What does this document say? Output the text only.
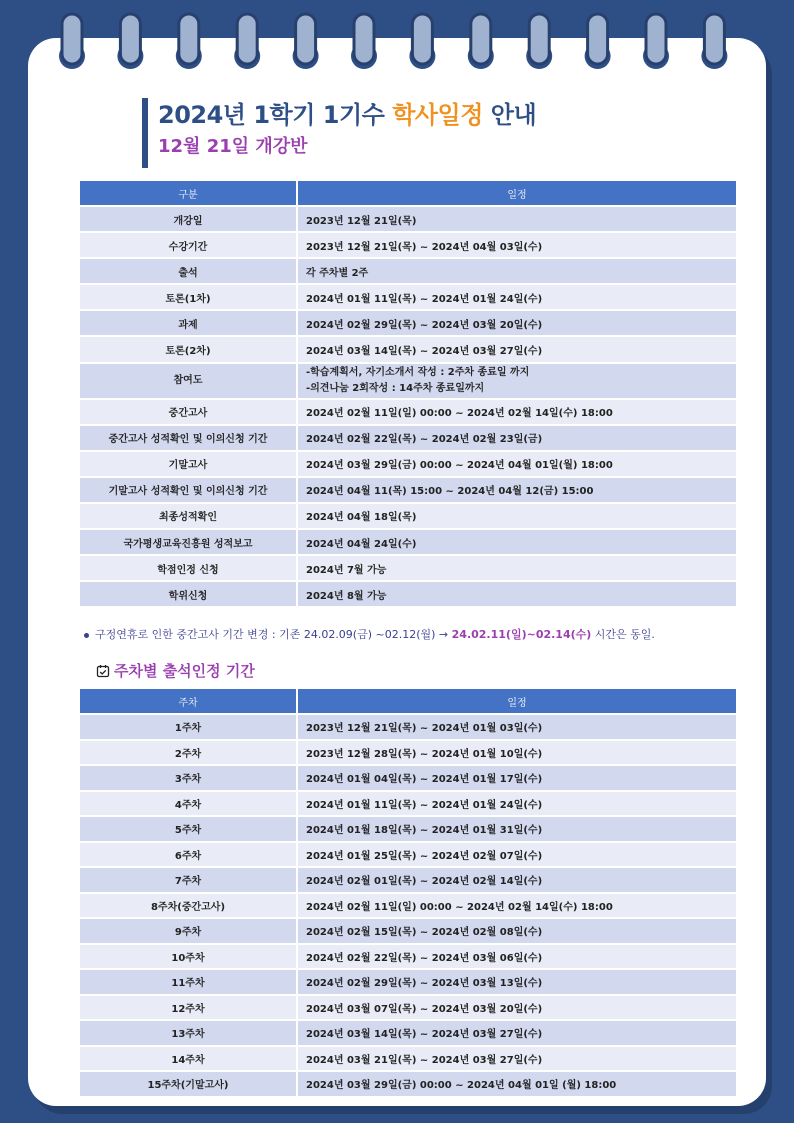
2024년 1학기 1기수 학사일정 안내
12월 21일 개강반
구분	일정
개강일	2023년 12월 21일(목)
수강기간	2023년 12월 21일(목) ~ 2024년 04월 03일(수)
출석	각 주차별 2주
토론(1차)	2024년 01월 11일(목) ~ 2024년 01월 24일(수)
과제	2024년 02월 29일(목) ~ 2024년 03월 20일(수)
토론(2차)	2024년 03월 14일(목) ~ 2024년 03월 27일(수)
참여도	-학습계획서, 자기소개서 작성 : 2주차 종료일 까지
-의견나눔 2회작성 : 14주차 종료일까지

중간고사	2024년 02월 11일(일) 00:00 ~ 2024년 02월 14일(수) 18:00
중간고사 성적확인 및 이의신청 기간	2024년 02월 22일(목) ~ 2024년 02월 23일(금)
기말고사	2024년 03월 29일(금) 00:00 ~ 2024년 04월 01일(월) 18:00
기말고사 성적확인 및 이의신청 기간	2024년 04월 11(목) 15:00 ~ 2024년 04월 12(금) 15:00
최종성적확인	2024년 04월 18일(목)
국가평생교육진흥원 성적보고	2024년 04월 24일(수)
학점인정 신청	2024년 7월 가능
학위신청	2024년 8월 가능
구정연휴로 인한 중간고사 기간 변경 : 기존 24.02.09(금) ~02.12(월) → 24.02.11(일)~02.14(수) 시간은 동일.
주차별 출석인정 기간
주차	일정
1주차	2023년 12월 21일(목) ~ 2024년 01월 03일(수)
2주차	2023년 12월 28일(목) ~ 2024년 01월 10일(수)
3주차	2024년 01월 04일(목) ~ 2024년 01월 17일(수)
4주차	2024년 01월 11일(목) ~ 2024년 01월 24일(수)
5주차	2024년 01월 18일(목) ~ 2024년 01월 31일(수)
6주차	2024년 01월 25일(목) ~ 2024년 02월 07일(수)
7주차	2024년 02월 01일(목) ~ 2024년 02월 14일(수)
8주차(중간고사)	2024년 02월 11일(일) 00:00 ~ 2024년 02월 14일(수) 18:00
9주차	2024년 02월 15일(목) ~ 2024년 02월 08일(수)
10주차	2024년 02월 22일(목) ~ 2024년 03월 06일(수)
11주차	2024년 02월 29일(목) ~ 2024년 03월 13일(수)
12주차	2024년 03월 07일(목) ~ 2024년 03월 20일(수)
13주차	2024년 03월 14일(목) ~ 2024년 03월 27일(수)
14주차	2024년 03월 21일(목) ~ 2024년 03월 27일(수)
15주차(기말고사)	2024년 03월 29일(금) 00:00 ~ 2024년 04월 01일 (월) 18:00
